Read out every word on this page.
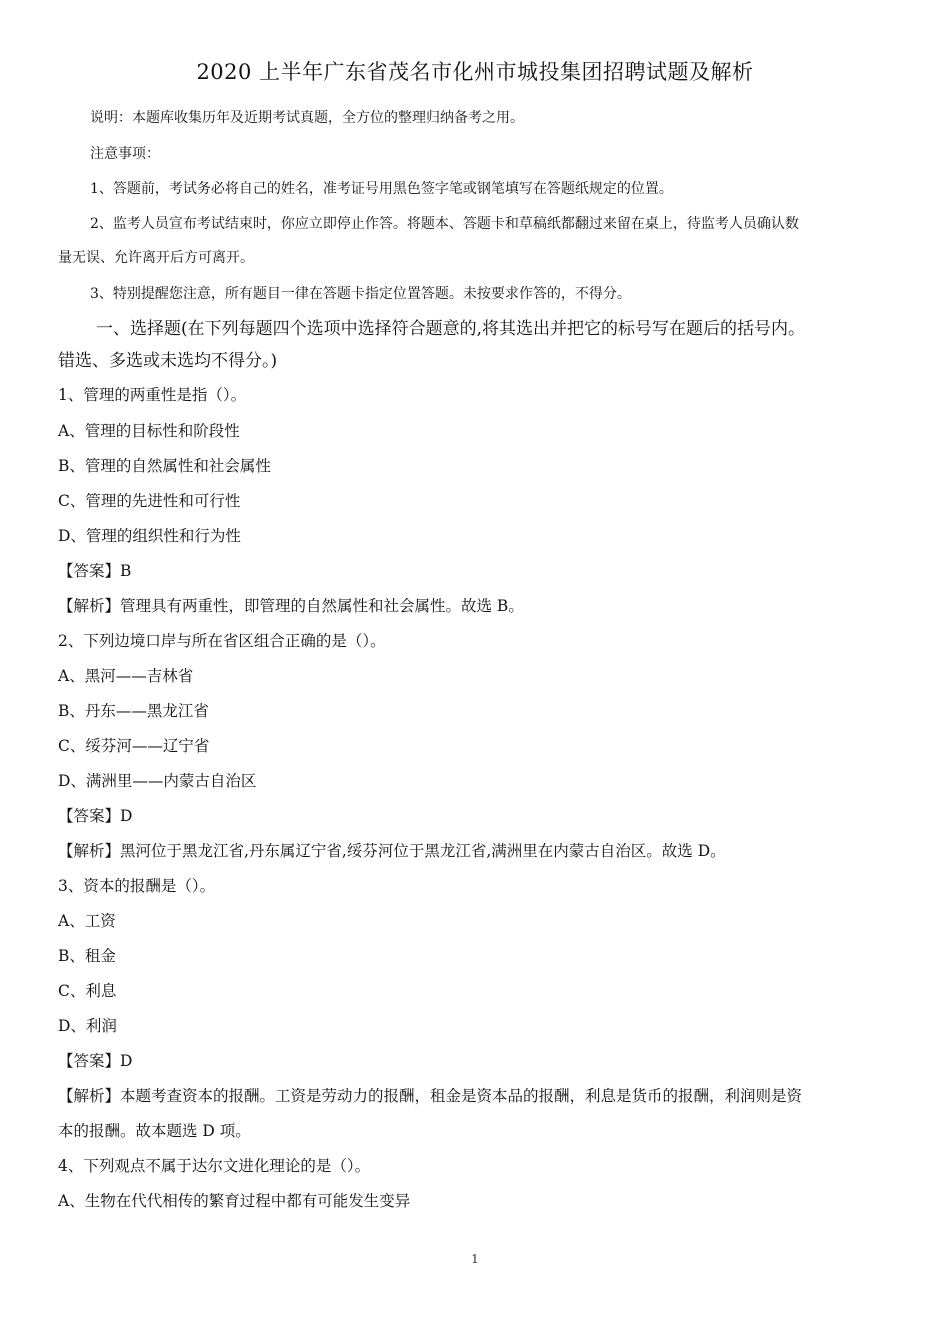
2020 上半年广东省茂名市化州市城投集团招聘试题及解析
说明：本题库收集历年及近期考试真题，全方位的整理归纳备考之用。
注意事项：
1、答题前，考试务必将自己的姓名，准考证号用黑色签字笔或钢笔填写在答题纸规定的位置。
2、监考人员宣布考试结束时，你应立即停止作答。将题本、答题卡和草稿纸都翻过来留在桌上，待监考人员确认数
量无误、允许离开后方可离开。
3、特别提醒您注意，所有题目一律在答题卡指定位置答题。未按要求作答的，不得分。
一、选择题(在下列每题四个选项中选择符合题意的,将其选出并把它的标号写在题后的括号内。
错选、多选或未选均不得分。)
1、管理的两重性是指（）。
A、管理的目标性和阶段性
B、管理的自然属性和社会属性
C、管理的先进性和可行性
D、管理的组织性和行为性
【答案】B
【解析】管理具有两重性，即管理的自然属性和社会属性。故选 B。
2、下列边境口岸与所在省区组合正确的是（）。
A、黑河——吉林省
B、丹东——黑龙江省
C、绥芬河——辽宁省
D、满洲里——内蒙古自治区
【答案】D
【解析】黑河位于黑龙江省,丹东属辽宁省,绥芬河位于黑龙江省,满洲里在内蒙古自治区。故选 D。
3、资本的报酬是（）。
A、工资
B、租金
C、利息
D、利润
【答案】D
【解析】本题考查资本的报酬。工资是劳动力的报酬，租金是资本品的报酬，利息是货币的报酬，利润则是资
本的报酬。故本题选 D 项。
4、下列观点不属于达尔文进化理论的是（）。
A、生物在代代相传的繁育过程中都有可能发生变异
1
